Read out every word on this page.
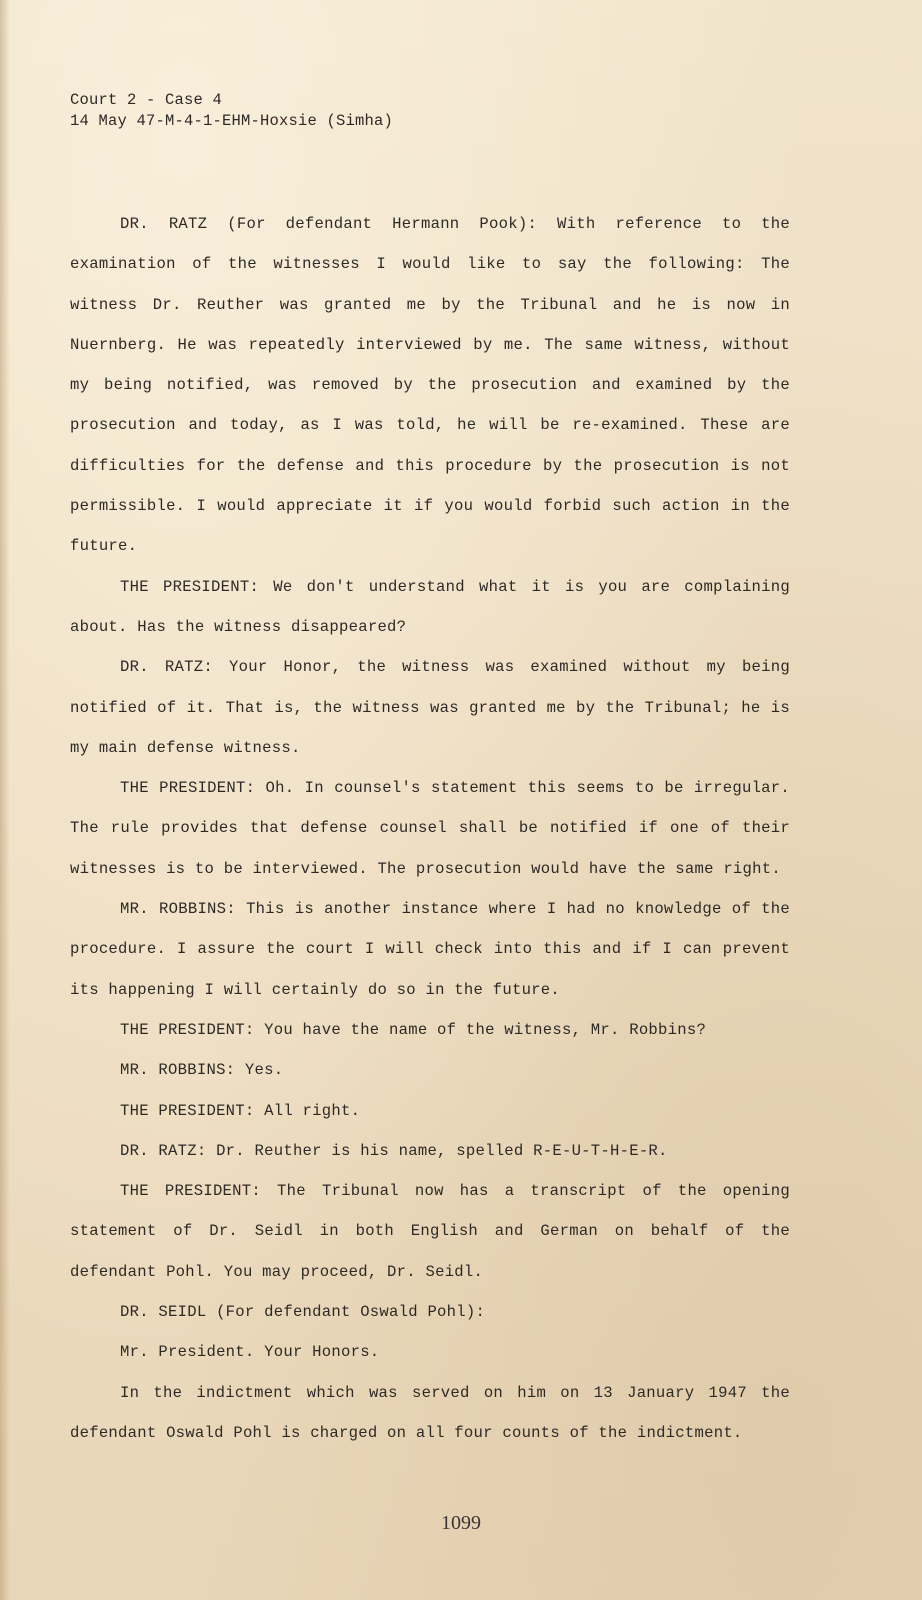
Court 2 - Case 4
14 May 47-M-4-1-EHM-Hoxsie (Simha)

DR. RATZ (For defendant Hermann Pook): With reference to the examination of the witnesses I would like to say the following: The witness Dr. Reuther was granted me by the Tribunal and he is now in Nuernberg. He was repeatedly interviewed by me. The same witness, without my being notified, was removed by the prosecution and examined by the prosecution and today, as I was told, he will be re-examined. These are difficulties for the defense and this procedure by the prosecution is not permissible. I would appreciate it if you would forbid such action in the future.

THE PRESIDENT: We don't understand what it is you are complaining about. Has the witness disappeared?

DR. RATZ: Your Honor, the witness was examined without my being notified of it. That is, the witness was granted me by the Tribunal; he is my main defense witness.

THE PRESIDENT: Oh. In counsel's statement this seems to be irregular. The rule provides that defense counsel shall be notified if one of their witnesses is to be interviewed. The prosecution would have the same right.

MR. ROBBINS: This is another instance where I had no knowledge of the procedure. I assure the court I will check into this and if I can prevent its happening I will certainly do so in the future.

THE PRESIDENT: You have the name of the witness, Mr. Robbins?

MR. ROBBINS: Yes.

THE PRESIDENT: All right.

DR. RATZ: Dr. Reuther is his name, spelled R-E-U-T-H-E-R.

THE PRESIDENT: The Tribunal now has a transcript of the opening statement of Dr. Seidl in both English and German on behalf of the defendant Pohl. You may proceed, Dr. Seidl.

DR. SEIDL (For defendant Oswald Pohl):

Mr. President. Your Honors.

In the indictment which was served on him on 13 January 1947 the defendant Oswald Pohl is charged on all four counts of the indictment.

1099
